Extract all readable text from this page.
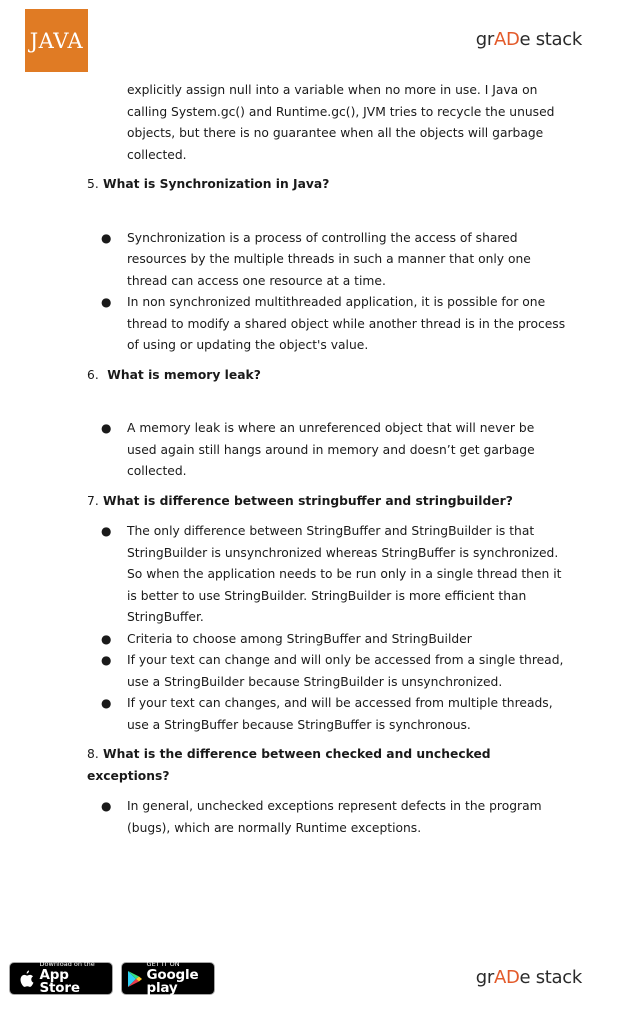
JAVA	grADe stack
explicitly assign null into a variable when no more in use. I Java on
calling System.gc() and Runtime.gc(), JVM tries to recycle the unused
objects, but there is no guarantee when all the objects will garbage
collected.
5. What is Synchronization in Java?
● Synchronization is a process of controlling the access of shared
resources by the multiple threads in such a manner that only one
thread can access one resource at a time.
● In non synchronized multithreaded application, it is possible for one
thread to modify a shared object while another thread is in the process
of using or updating the object's value.
6. What is memory leak?
● A memory leak is where an unreferenced object that will never be
used again still hangs around in memory and doesn’t get garbage
collected.
7. What is difference between stringbuffer and stringbuilder?
● The only difference between StringBuffer and StringBuilder is that
StringBuilder is unsynchronized whereas StringBuffer is synchronized.
So when the application needs to be run only in a single thread then it
is better to use StringBuilder. StringBuilder is more efficient than
StringBuffer.
● Criteria to choose among StringBuffer and StringBuilder
● If your text can change and will only be accessed from a single thread,
use a StringBuilder because StringBuilder is unsynchronized.
● If your text can changes, and will be accessed from multiple threads,
use a StringBuffer because StringBuffer is synchronous.
8. What is the difference between checked and unchecked
exceptions?
● In general, unchecked exceptions represent defects in the program
(bugs), which are normally Runtime exceptions.
Download on the
App Store
GET IT ON
Google play
grADe stack
